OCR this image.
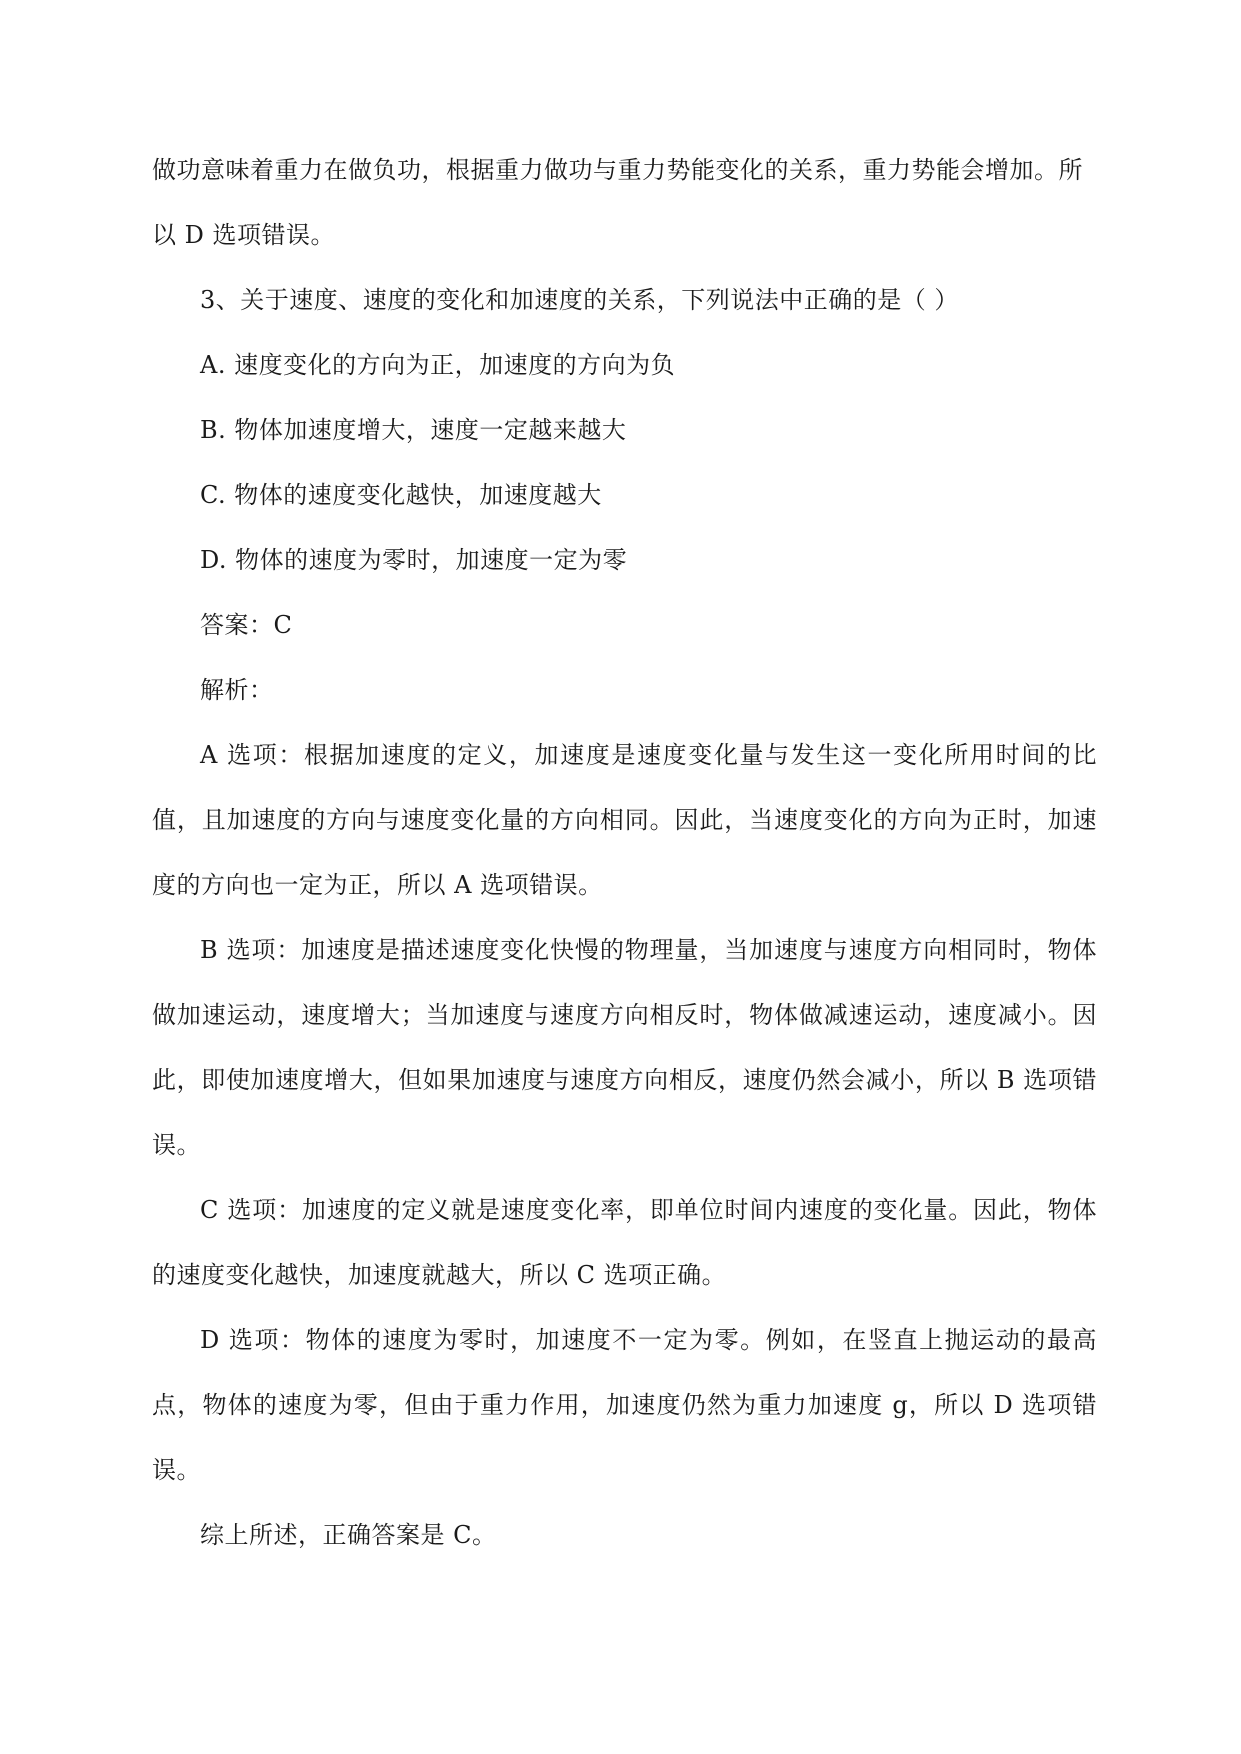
做功意味着重力在做负功，根据重力做功与重力势能变化的关系，重力势能会增加。所
以 D 选项错误。
3、关于速度、速度的变化和加速度的关系，下列说法中正确的是（ ）
A. 速度变化的方向为正，加速度的方向为负
B. 物体加速度增大，速度一定越来越大
C. 物体的速度变化越快，加速度越大
D. 物体的速度为零时，加速度一定为零
答案：C
解析：
A 选项：根据加速度的定义，加速度是速度变化量与发生这一变化所用时间的比值，且加速度的方向与速度变化量的方向相同。因此，当速度变化的方向为正时，加速度的方向也一定为正，所以 A 选项错误。
B 选项：加速度是描述速度变化快慢的物理量，当加速度与速度方向相同时，物体做加速运动，速度增大；当加速度与速度方向相反时，物体做减速运动，速度减小。因此，即使加速度增大，但如果加速度与速度方向相反，速度仍然会减小，所以 B 选项错误。
C 选项：加速度的定义就是速度变化率，即单位时间内速度的变化量。因此，物体的速度变化越快，加速度就越大，所以 C 选项正确。
D 选项：物体的速度为零时，加速度不一定为零。例如，在竖直上抛运动的最高点，物体的速度为零，但由于重力作用，加速度仍然为重力加速度 g，所以 D 选项错误。
综上所述，正确答案是 C。
